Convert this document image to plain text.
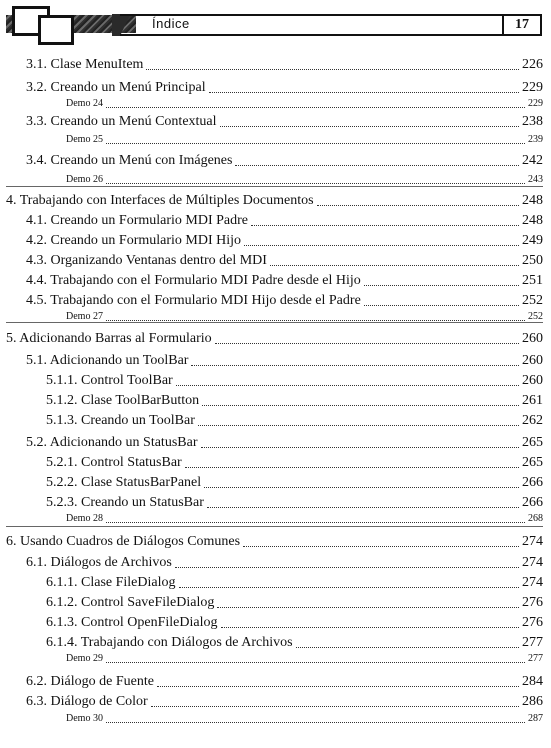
Índice	17
3.1. Clase MenuItem	226
3.2. Creando un Menú Principal	229
Demo 24	229
3.3. Creando un Menú Contextual	238
Demo 25	239
3.4. Creando un Menú con Imágenes	242
Demo 26	243
4. Trabajando con Interfaces de Múltiples Documentos	248
4.1. Creando un Formulario MDI Padre	248
4.2. Creando un Formulario MDI Hijo	249
4.3. Organizando Ventanas dentro del MDI	250
4.4. Trabajando con el Formulario MDI Padre desde el Hijo	251
4.5. Trabajando con el Formulario MDI Hijo desde el Padre	252
Demo 27	252
5. Adicionando Barras al Formulario	260
5.1. Adicionando un ToolBar	260
5.1.1. Control ToolBar	260
5.1.2. Clase ToolBarButton	261
5.1.3. Creando un ToolBar	262
5.2. Adicionando un StatusBar	265
5.2.1. Control StatusBar	265
5.2.2. Clase StatusBarPanel	266
5.2.3. Creando un StatusBar	266
Demo 28	268
6. Usando Cuadros de Diálogos Comunes	274
6.1. Diálogos de Archivos	274
6.1.1. Clase FileDialog	274
6.1.2. Control SaveFileDialog	276
6.1.3. Control OpenFileDialog	276
6.1.4. Trabajando con Diálogos de Archivos	277
Demo 29	277
6.2. Diálogo de Fuente	284
6.3. Diálogo de Color	286
Demo 30	287
